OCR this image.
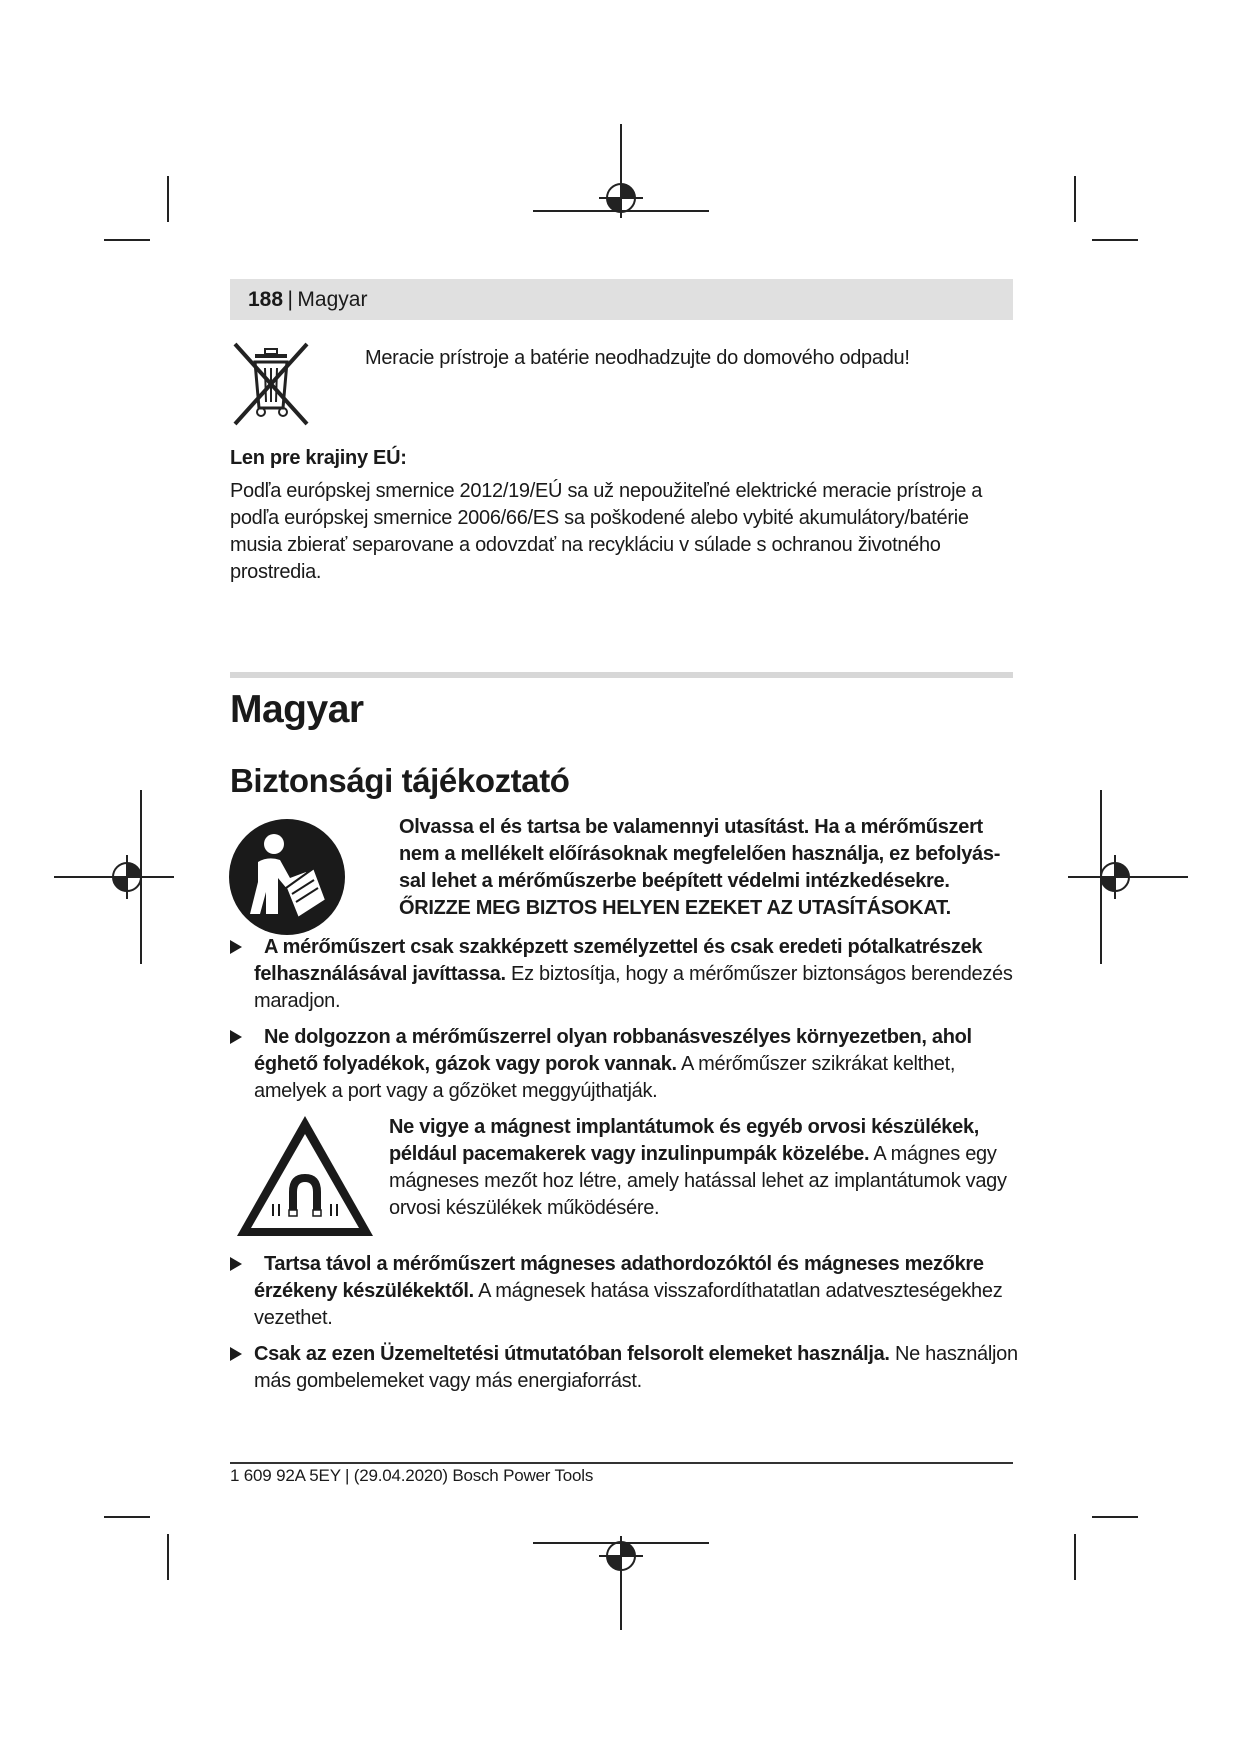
188 | Magyar
Meracie prístroje a batérie neodhadzujte do domového odpadu!
Len pre krajiny EÚ:
Podľa európskej smernice 2012/19/EÚ sa už nepoužiteľné elektrické meracie prístroje a podľa európskej smernice 2006/66/ES sa poškodené alebo vybité akumulátory/batérie musia zbierať separovane a odovzdať na recykláciu v súlade s ochranou životného prostredia.
Magyar
Biztonsági tájékoztató
Olvassa el és tartsa be valamennyi utasítást. Ha a mérőműszert
nem a mellékelt előírásoknak megfelelően használja, ez befolyás-
sal lehet a mérőműszerbe beépített védelmi intézkedésekre.
ŐRIZZE MEG BIZTOS HELYEN EZEKET AZ UTASÍTÁSOKAT.
A mérőműszert csak szakképzett személyzettel és csak eredeti pótalkatrészek felhasználásával javíttassa. Ez biztosítja, hogy a mérőműszer biztonságos berendezés maradjon.
Ne dolgozzon a mérőműszerrel olyan robbanásveszélyes környezetben, ahol éghető folyadékok, gázok vagy porok vannak. A mérőműszer szikrákat kelthet, amelyek a port vagy a gőzöket meggyújthatják.
Ne vigye a mágnest implantátumok és egyéb orvosi készülékek, például pacemakerek vagy inzulinpumpák közelébe. A mágnes egy mágneses mezőt hoz létre, amely hatással lehet az implantátumok vagy orvosi készülékek működésére.
Tartsa távol a mérőműszert mágneses adathordozóktól és mágneses mezőkre érzékeny készülékektől. A mágnesek hatása visszafordíthatatlan adatveszteségekhez vezethet.
Csak az ezen Üzemeltetési útmutatóban felsorolt elemeket használja. Ne használjon más gombelemeket vagy más energiaforrást.
1 609 92A 5EY | (29.04.2020) Bosch Power Tools
